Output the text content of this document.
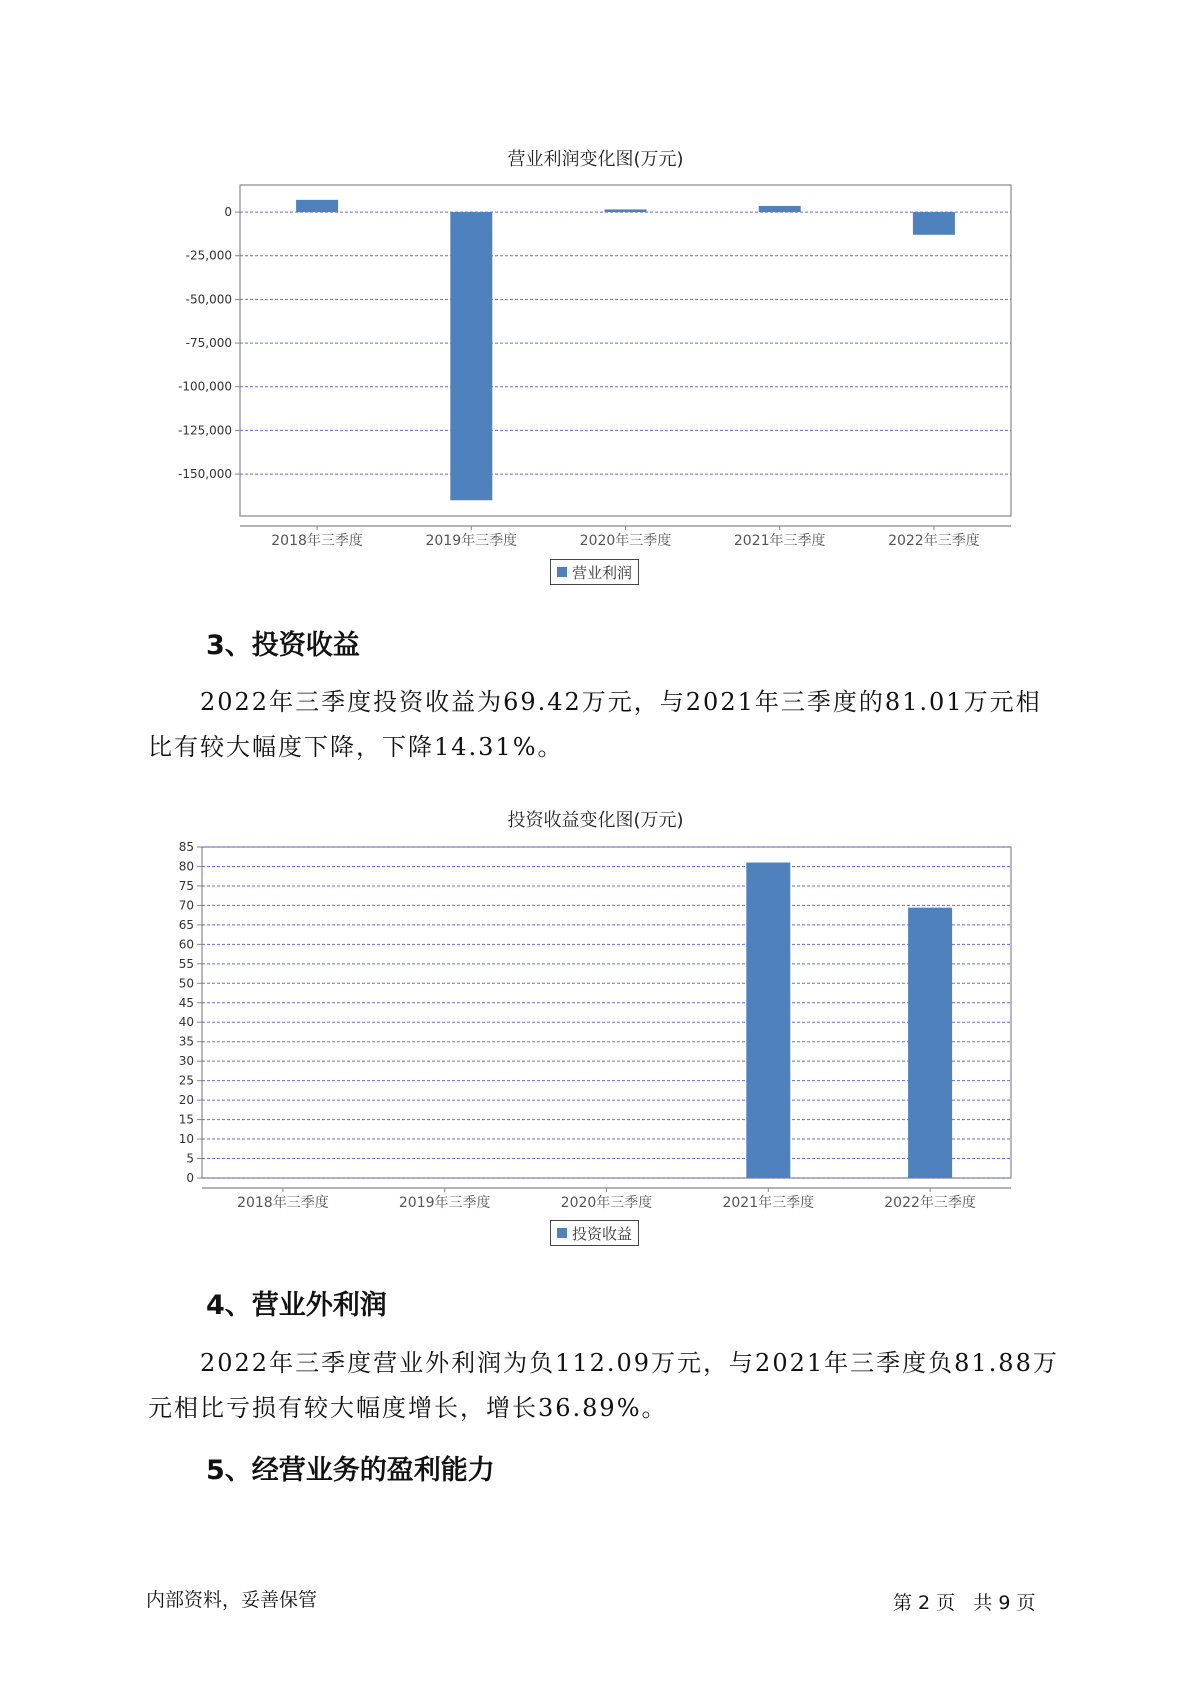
营业利润变化图(万元)
0
-25,000
-50,000
-75,000
-100,000
-125,000
-150,000
2018年三季度	2019年三季度	2020年三季度	2021年三季度	2022年三季度
营业利润
3、投资收益
2022年三季度投资收益为69.42万元，与2021年三季度的81.01万元相
比有较大幅度下降，下降14.31%。
投资收益变化图(万元)
0
5
10
15
20
25
30
35
40
45
50
55
60
65
70
75
80
85
2018年三季度	2019年三季度	2020年三季度	2021年三季度	2022年三季度
投资收益
4、营业外利润
2022年三季度营业外利润为负112.09万元，与2021年三季度负81.88万
元相比亏损有较大幅度增长，增长36.89%。
5、经营业务的盈利能力
内部资料，妥善保管	第 2 页   共 9 页
